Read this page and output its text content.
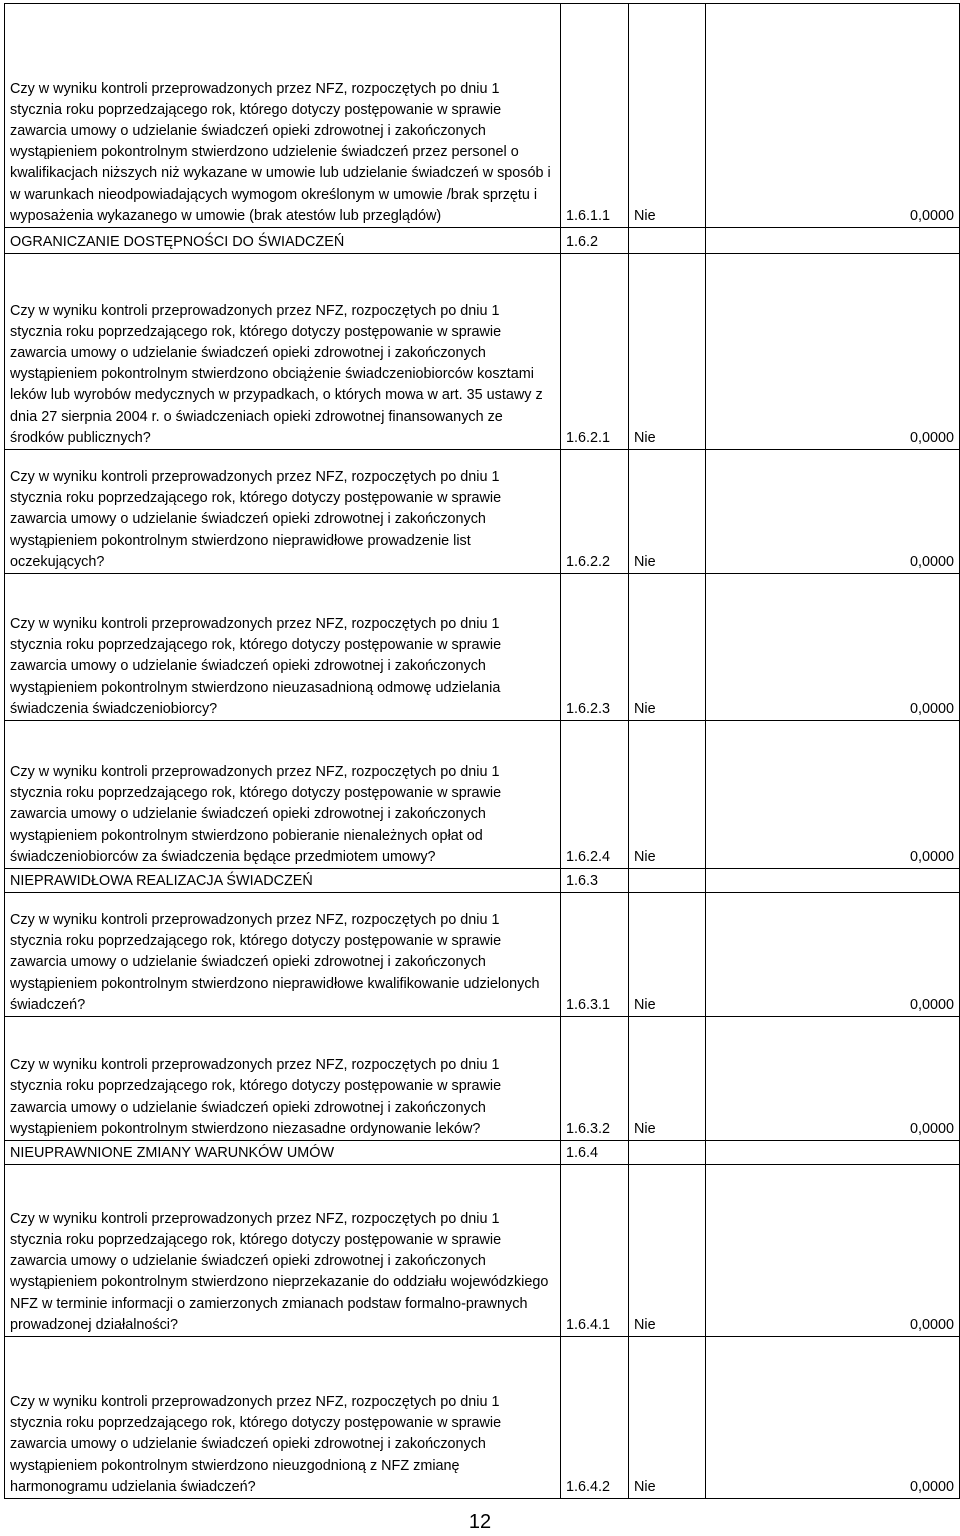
Czy w wyniku kontroli przeprowadzonych przez NFZ, rozpoczętych po dniu 1 stycznia roku poprzedzającego rok, którego dotyczy postępowanie w sprawie zawarcia umowy o udzielanie świadczeń opieki zdrowotnej i zakończonych wystąpieniem pokontrolnym stwierdzono udzielenie świadczeń przez personel o kwalifikacjach niższych niż wykazane w umowie lub udzielanie świadczeń w sposób i w warunkach nieodpowiadających wymogom określonym w umowie /brak sprzętu i wyposażenia wykazanego w umowie (brak atestów lub przeglądów)	1.6.1.1	Nie	0,0000
OGRANICZANIE DOSTĘPNOŚCI DO ŚWIADCZEŃ	1.6.2		

Czy w wyniku kontroli przeprowadzonych przez NFZ, rozpoczętych po dniu 1 stycznia roku poprzedzającego rok, którego dotyczy postępowanie w sprawie zawarcia umowy o udzielanie świadczeń opieki zdrowotnej i zakończonych wystąpieniem pokontrolnym stwierdzono obciążenie świadczeniobiorców kosztami leków lub wyrobów medycznych w przypadkach, o których mowa w art. 35 ustawy z dnia 27 sierpnia 2004 r. o świadczeniach opieki zdrowotnej finansowanych ze środków publicznych?	1.6.2.1	Nie	0,0000

Czy w wyniku kontroli przeprowadzonych przez NFZ, rozpoczętych po dniu 1 stycznia roku poprzedzającego rok, którego dotyczy postępowanie w sprawie zawarcia umowy o udzielanie świadczeń opieki zdrowotnej i zakończonych wystąpieniem pokontrolnym stwierdzono nieprawidłowe prowadzenie list oczekujących?	1.6.2.2	Nie	0,0000

Czy w wyniku kontroli przeprowadzonych przez NFZ, rozpoczętych po dniu 1 stycznia roku poprzedzającego rok, którego dotyczy postępowanie w sprawie zawarcia umowy o udzielanie świadczeń opieki zdrowotnej i zakończonych wystąpieniem pokontrolnym stwierdzono nieuzasadnioną odmowę udzielania świadczenia świadczeniobiorcy?	1.6.2.3	Nie	0,0000

Czy w wyniku kontroli przeprowadzonych przez NFZ, rozpoczętych po dniu 1 stycznia roku poprzedzającego rok, którego dotyczy postępowanie w sprawie zawarcia umowy o udzielanie świadczeń opieki zdrowotnej i zakończonych wystąpieniem pokontrolnym stwierdzono pobieranie nienależnych opłat od świadczeniobiorców za świadczenia będące przedmiotem umowy?	1.6.2.4	Nie	0,0000
NIEPRAWIDŁOWA REALIZACJA ŚWIADCZEŃ	1.6.3		

Czy w wyniku kontroli przeprowadzonych przez NFZ, rozpoczętych po dniu 1 stycznia roku poprzedzającego rok, którego dotyczy postępowanie w sprawie zawarcia umowy o udzielanie świadczeń opieki zdrowotnej i zakończonych wystąpieniem pokontrolnym stwierdzono nieprawidłowe kwalifikowanie udzielonych świadczeń?	1.6.3.1	Nie	0,0000

Czy w wyniku kontroli przeprowadzonych przez NFZ, rozpoczętych po dniu 1 stycznia roku poprzedzającego rok, którego dotyczy postępowanie w sprawie zawarcia umowy o udzielanie świadczeń opieki zdrowotnej i zakończonych wystąpieniem pokontrolnym stwierdzono niezasadne ordynowanie leków?	1.6.3.2	Nie	0,0000
NIEUPRAWNIONE ZMIANY WARUNKÓW UMÓW	1.6.4		

Czy w wyniku kontroli przeprowadzonych przez NFZ, rozpoczętych po dniu 1 stycznia roku poprzedzającego rok, którego dotyczy postępowanie w sprawie zawarcia umowy o udzielanie świadczeń opieki zdrowotnej i zakończonych wystąpieniem pokontrolnym stwierdzono nieprzekazanie do oddziału wojewódzkiego NFZ w terminie informacji o zamierzonych zmianach podstaw formalno-prawnych prowadzonej działalności?	1.6.4.1	Nie	0,0000

Czy w wyniku kontroli przeprowadzonych przez NFZ, rozpoczętych po dniu 1 stycznia roku poprzedzającego rok, którego dotyczy postępowanie w sprawie zawarcia umowy o udzielanie świadczeń opieki zdrowotnej i zakończonych wystąpieniem pokontrolnym stwierdzono nieuzgodnioną z NFZ zmianę harmonogramu udzielania świadczeń?	1.6.4.2	Nie	0,0000
12
